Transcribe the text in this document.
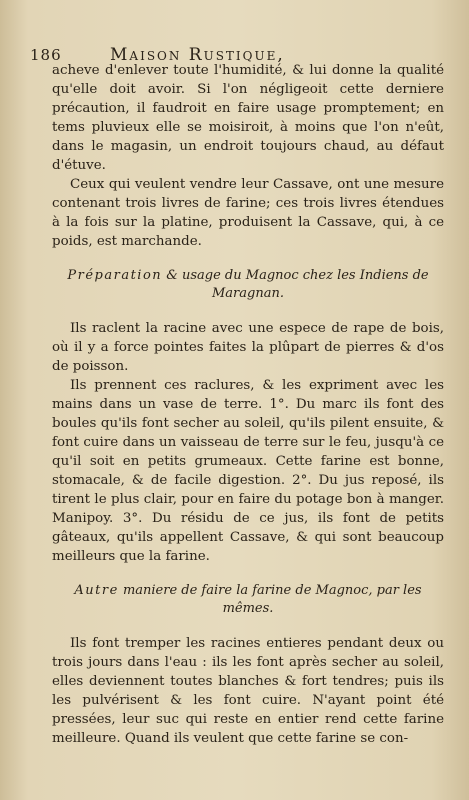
186	Maison Rustique,

acheve d'enlever toute l'humidité, & lui donne la qualité qu'elle doit avoir. Si l'on négligeoit cette derniere précaution, il faudroit en faire usage promptement; en tems pluvieux elle se moisiroit, à moins que l'on n'eût, dans le magasin, un endroit toujours chaud, au défaut d'étuve.

Ceux qui veulent vendre leur Cassave, ont une mesure contenant trois livres de farine; ces trois livres étendues à la fois sur la platine, produisent la Cassave, qui, à ce poids, est marchande.

Préparation & usage du Magnoc chez les Indiens de Maragnan.

Ils raclent la racine avec une espece de rape de bois, où il y a force pointes faites la plûpart de pierres & d'os de poisson.

Ils prennent ces raclures, & les expriment avec les mains dans un vase de terre. 1°. Du marc ils font des boules qu'ils font secher au soleil, qu'ils pilent ensuite, & font cuire dans un vaisseau de terre sur le feu, jusqu'à ce qu'il soit en petits grumeaux. Cette farine est bonne, stomacale, & de facile digestion. 2°. Du jus reposé, ils tirent le plus clair, pour en faire du potage bon à manger. Manipoy. 3°. Du résidu de ce jus, ils font de petits gâteaux, qu'ils appellent Cassave, & qui sont beaucoup meilleurs que la farine.

Autre maniere de faire la farine de Magnoc, par les mêmes.

Ils font tremper les racines entieres pendant deux ou trois jours dans l'eau : ils les font après secher au soleil, elles deviennent toutes blanches & fort tendres; puis ils les pulvérisent & les font cuire. N'ayant point été pressées, leur suc qui reste en entier rend cette farine meilleure. Quand ils veulent que cette farine se con-
